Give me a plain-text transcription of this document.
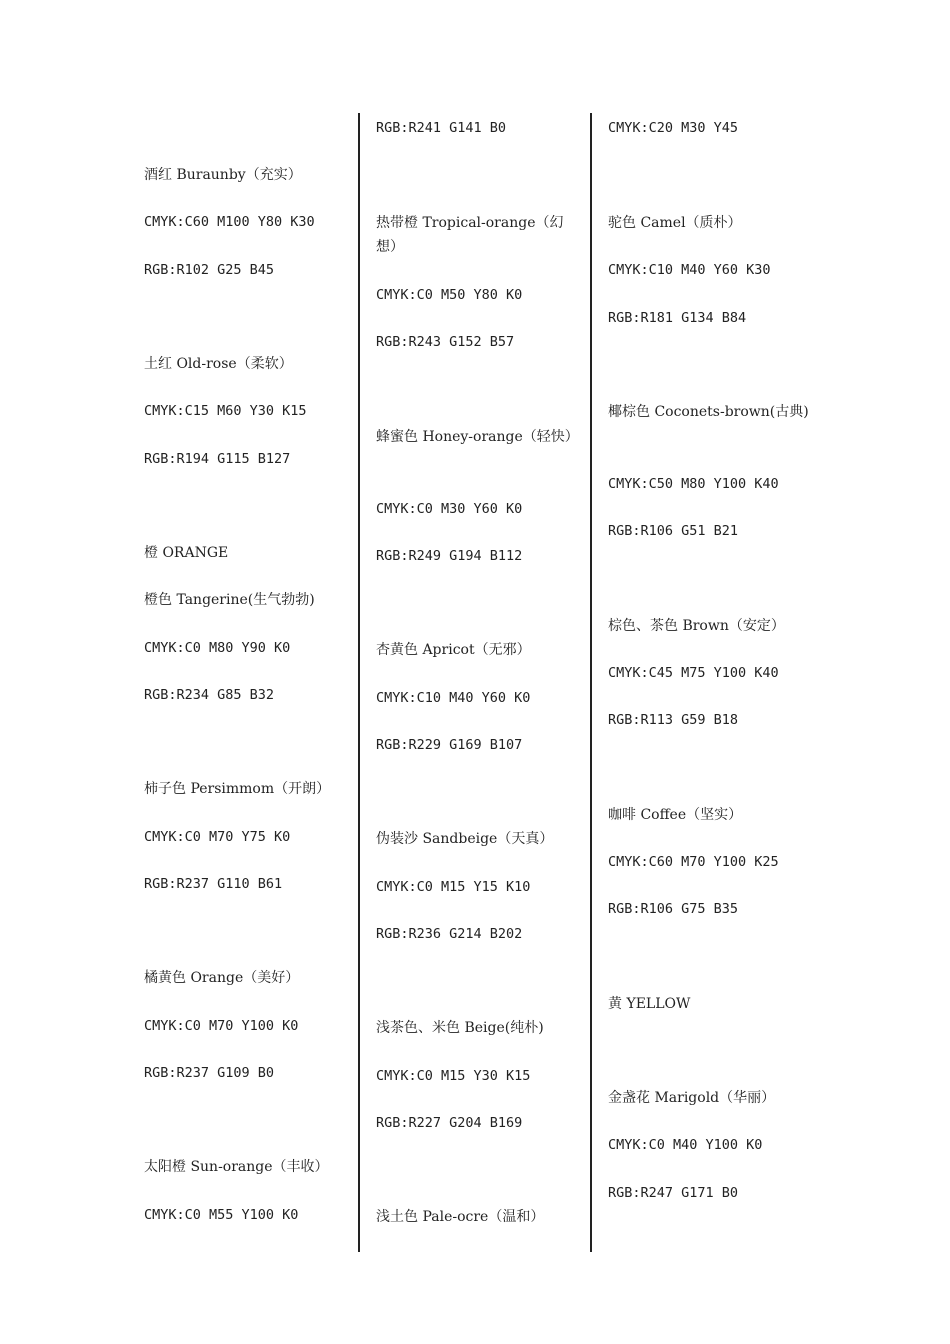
酒红 Buraunby（充实）
CMYK:C60 M100 Y80 K30
RGB:R102 G25 B45
土红 Old-rose（柔软）
CMYK:C15 M60 Y30 K15
RGB:R194 G115 B127
橙 ORANGE
橙色 Tangerine(生气勃勃)
CMYK:C0 M80 Y90 K0
RGB:R234 G85 B32
柿子色 Persimmom（开朗）
CMYK:C0 M70 Y75 K0
RGB:R237 G110 B61
橘黄色 Orange（美好）
CMYK:C0 M70 Y100 K0
RGB:R237 G109 B0
太阳橙 Sun-orange（丰收）
CMYK:C0 M55 Y100 K0
RGB:R241 G141 B0
热带橙 Tropical-orange（幻想）
CMYK:C0 M50 Y80 K0
RGB:R243 G152 B57
蜂蜜色 Honey-orange（轻快）
CMYK:C0 M30 Y60 K0
RGB:R249 G194 B112
杏黄色 Apricot（无邪）
CMYK:C10 M40 Y60 K0
RGB:R229 G169 B107
伪装沙 Sandbeige（天真）
CMYK:C0 M15 Y15 K10
RGB:R236 G214 B202
浅茶色、米色 Beige(纯朴)
CMYK:C0 M15 Y30 K15
RGB:R227 G204 B169
浅土色 Pale-ocre（温和）
CMYK:C20 M30 Y45
驼色 Camel（质朴）
CMYK:C10 M40 Y60 K30
RGB:R181 G134 B84
椰棕色 Coconets-brown(古典)
CMYK:C50 M80 Y100 K40
RGB:R106 G51 B21
棕色、茶色 Brown（安定）
CMYK:C45 M75 Y100 K40
RGB:R113 G59 B18
咖啡 Coffee（坚实）
CMYK:C60 M70 Y100 K25
RGB:R106 G75 B35
黄 YELLOW
金盏花 Marigold（华丽）
CMYK:C0 M40 Y100 K0
RGB:R247 G171 B0
